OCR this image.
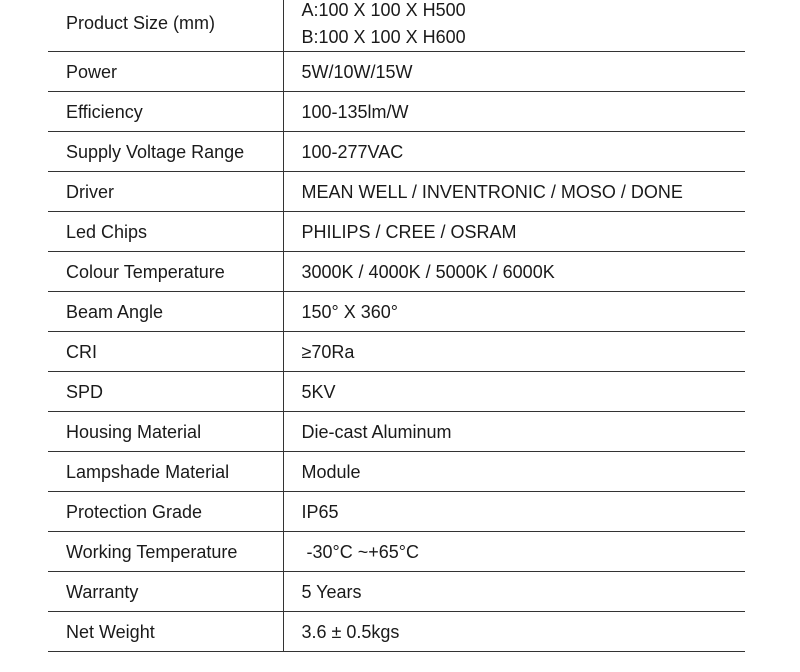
Product Size (mm)	A:100 X 100 X H500
B:100 X 100 X H600

Power	5W/10W/15W
Efficiency	100-135lm/W
Supply Voltage Range	100-277VAC
Driver	MEAN WELL / INVENTRONIC / MOSO / DONE
Led Chips	PHILIPS / CREE / OSRAM
Colour Temperature	3000K / 4000K / 5000K / 6000K
Beam Angle	150° X 360°
CRI	≥70Ra
SPD	5KV
Housing Material	Die-cast Aluminum
Lampshade Material	Module
Protection Grade	IP65
Working Temperature	-30°C ~+65°C
Warranty	5 Years
Net Weight	3.6 ± 0.5kgs
